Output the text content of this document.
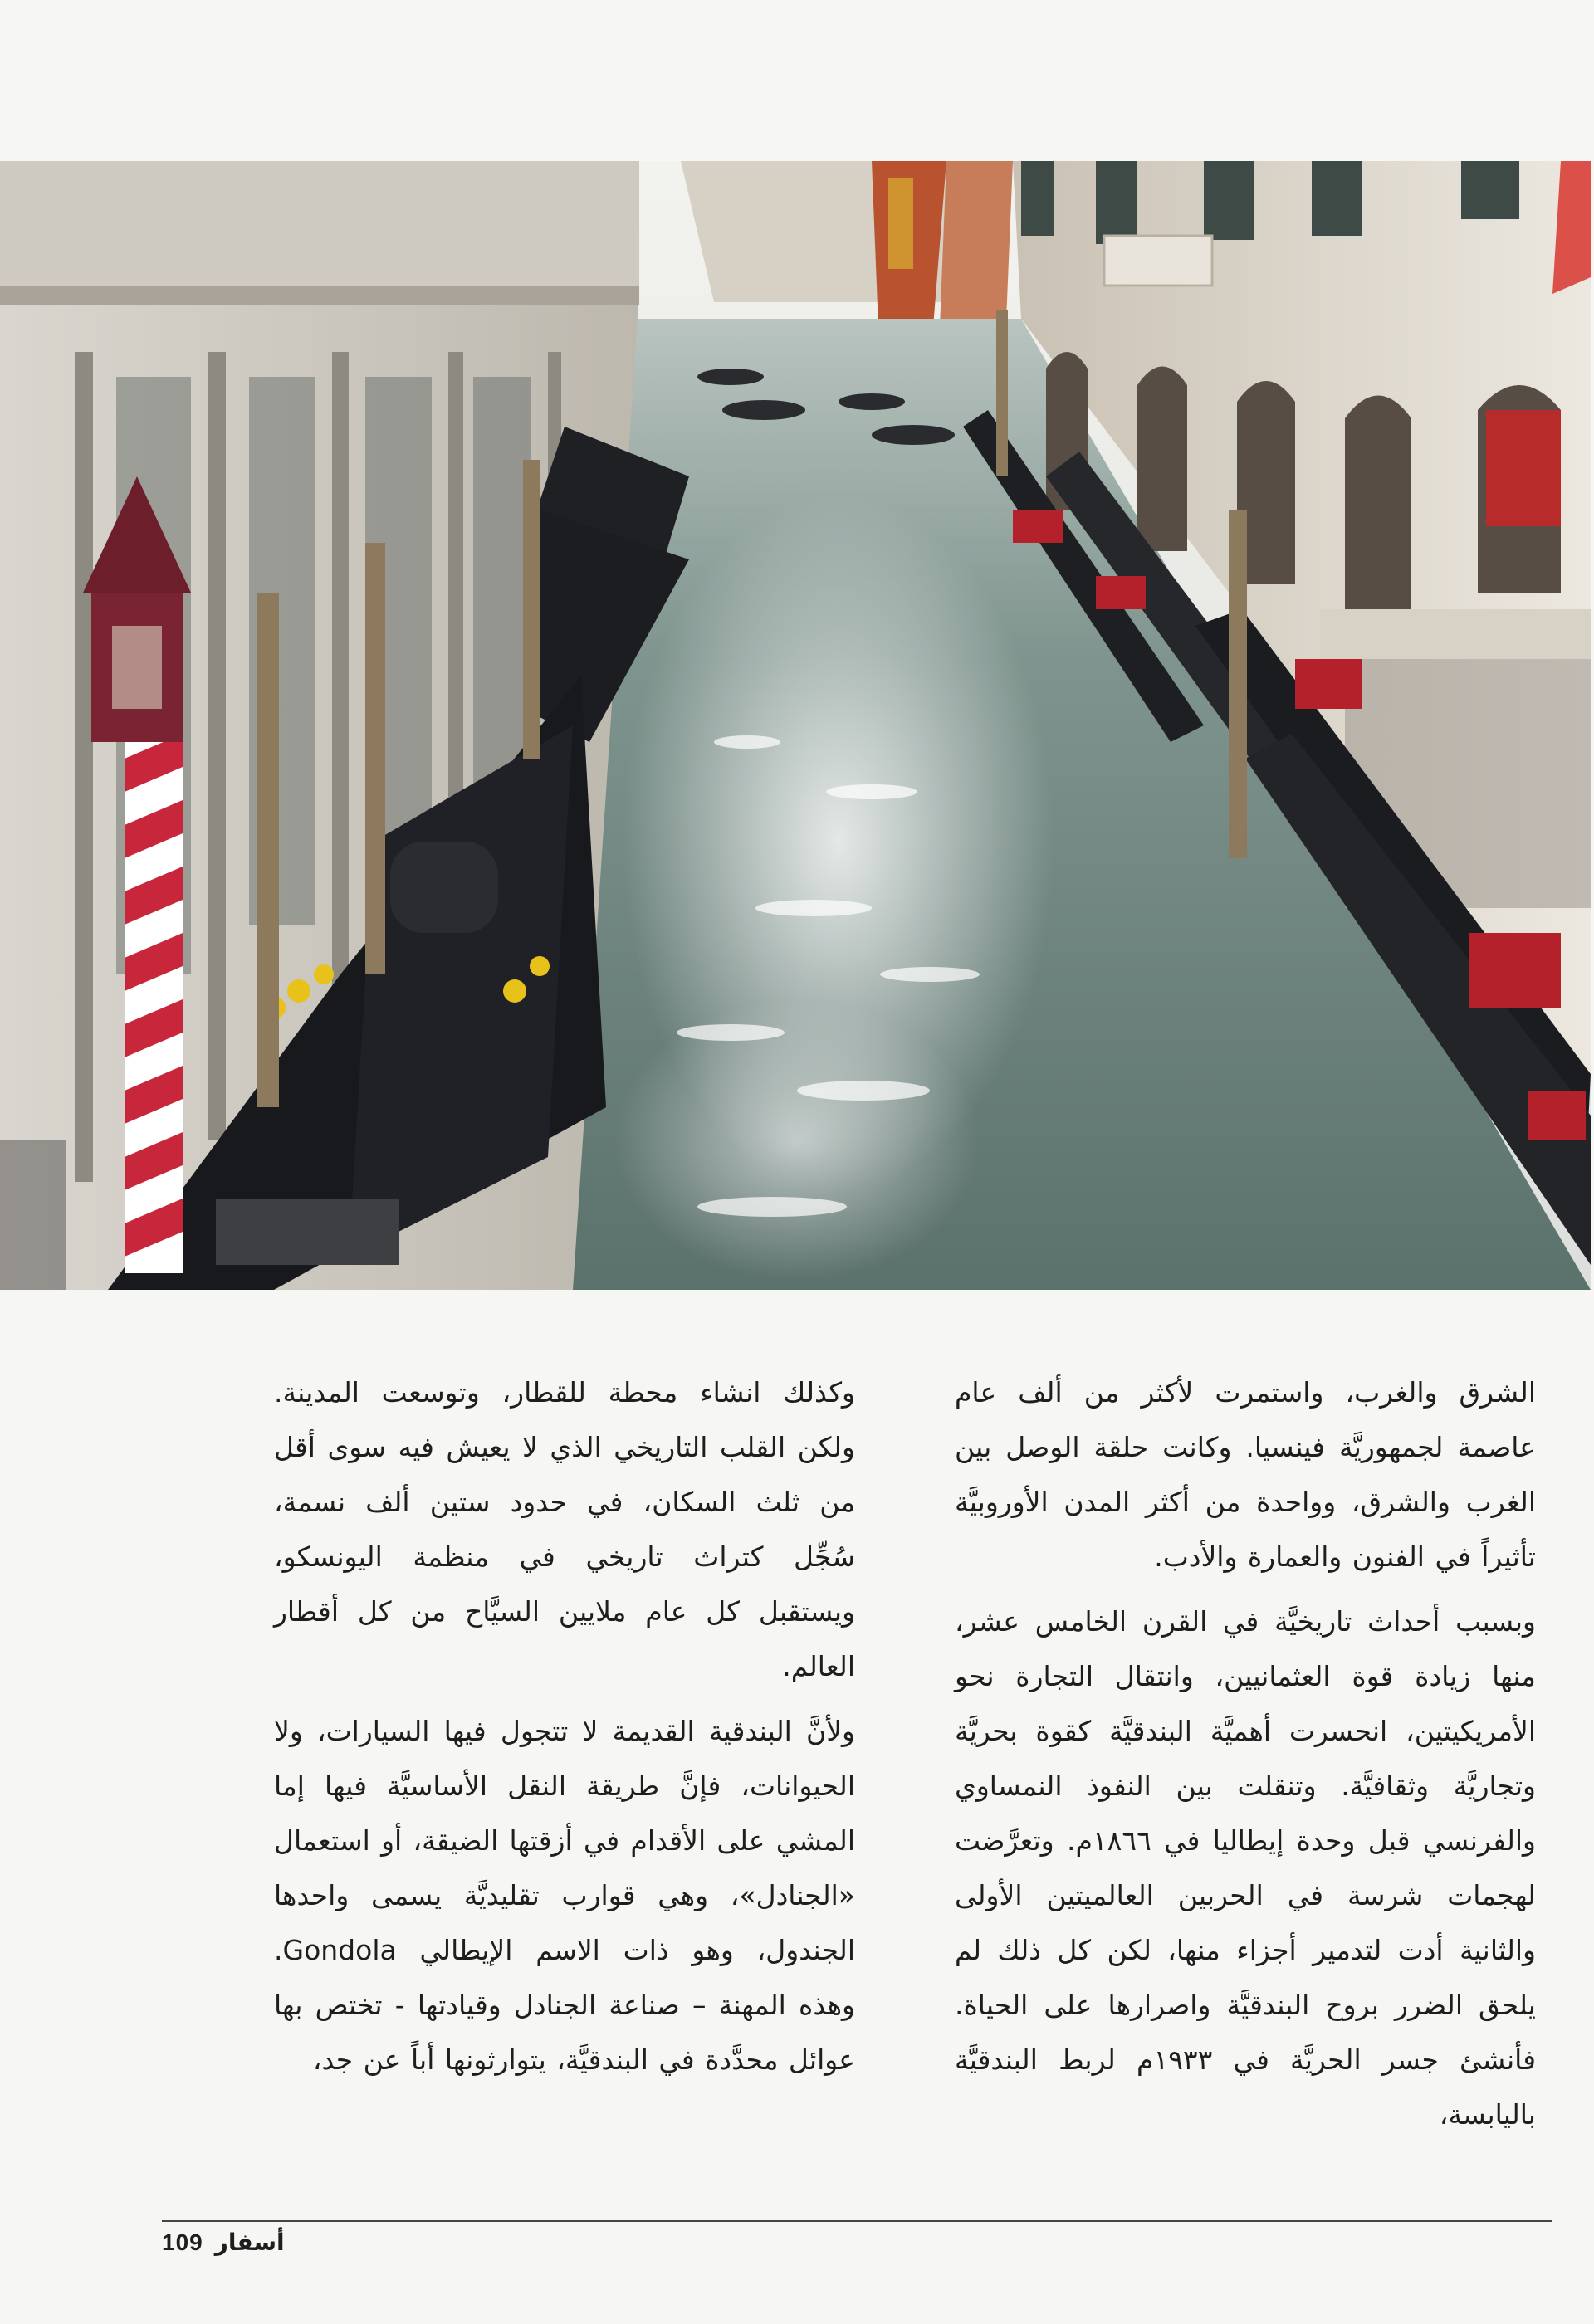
الشرق والغرب، واستمرت لأكثر من ألف عام عاصمة لجمهوريَّة فينسيا. وكانت حلقة الوصل بين الغرب والشرق، وواحدة من أكثر المدن الأوروبيَّة تأثيراً في الفنون والعمارة والأدب.

وبسبب أحداث تاريخيَّة في القرن الخامس عشر، منها زيادة قوة العثمانيين، وانتقال التجارة نحو الأمريكيتين، انحسرت أهميَّة البندقيَّة كقوة بحريَّة وتجاريَّة وثقافيَّة. وتنقلت بين النفوذ النمساوي والفرنسي قبل وحدة إيطاليا في ١٨٦٦م. وتعرَّضت لهجمات شرسة في الحربين العالميتين الأولى والثانية أدت لتدمير أجزاء منها، لكن كل ذلك لم يلحق الضرر بروح البندقيَّة واصرارها على الحياة. فأنشئ جسر الحريَّة في ١٩٣٣م لربط البندقيَّة باليابسة،

وكذلك انشاء محطة للقطار، وتوسعت المدينة. ولكن القلب التاريخي الذي لا يعيش فيه سوى أقل من ثلث السكان، في حدود ستين ألف نسمة، سُجِّل كتراث تاريخي في منظمة اليونسكو، ويستقبل كل عام ملايين السيَّاح من كل أقطار العالم.

ولأنَّ البندقية القديمة لا تتجول فيها السيارات، ولا الحيوانات، فإنَّ طريقة النقل الأساسيَّة فيها إما المشي على الأقدام في أزقتها الضيقة، أو استعمال «الجنادل»، وهي قوارب تقليديَّة يسمى واحدها الجندول، وهو ذات الاسم الإيطالي Gondola. وهذه المهنة – صناعة الجنادل وقيادتها - تختص بها عوائل محدَّدة في البندقيَّة، يتوارثونها أباً عن جد،

109 أسفار
